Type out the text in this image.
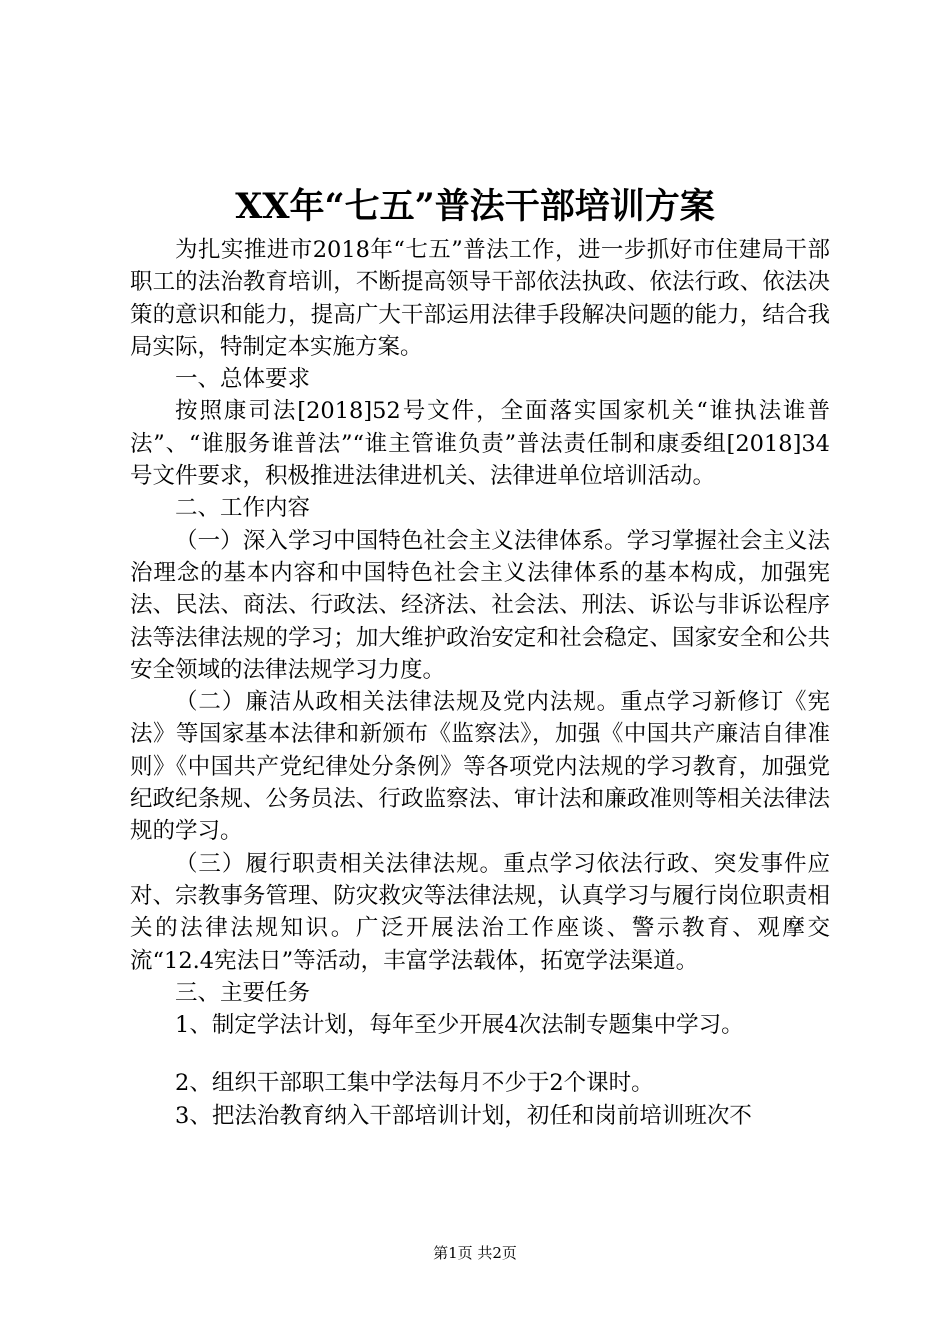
XX年“七五”普法干部培训方案

为扎实推进市2018年“七五”普法工作，进一步抓好市住建局干部职工的法治教育培训，不断提高领导干部依法执政、依法行政、依法决策的意识和能力，提高广大干部运用法律手段解决问题的能力，结合我局实际，特制定本实施方案。

一、总体要求

按照康司法[2018]52号文件，全面落实国家机关“谁执法谁普法”、“谁服务谁普法”“谁主管谁负责”普法责任制和康委组[2018]34号文件要求，积极推进法律进机关、法律进单位培训活动。

二、工作内容

（一）深入学习中国特色社会主义法律体系。学习掌握社会主义法治理念的基本内容和中国特色社会主义法律体系的基本构成，加强宪法、民法、商法、行政法、经济法、社会法、刑法、诉讼与非诉讼程序法等法律法规的学习；加大维护政治安定和社会稳定、国家安全和公共安全领域的法律法规学习力度。

（二）廉洁从政相关法律法规及党内法规。重点学习新修订《宪法》等国家基本法律和新颁布《监察法》，加强《中国共产廉洁自律准则》《中国共产党纪律处分条例》等各项党内法规的学习教育，加强党纪政纪条规、公务员法、行政监察法、审计法和廉政准则等相关法律法规的学习。

（三）履行职责相关法律法规。重点学习依法行政、突发事件应对、宗教事务管理、防灾救灾等法律法规，认真学习与履行岗位职责相关的法律法规知识。广泛开展法治工作座谈、警示教育、观摩交流“12.4宪法日”等活动，丰富学法载体，拓宽学法渠道。

三、主要任务

1、制定学法计划，每年至少开展4次法制专题集中学习。

2、组织干部职工集中学法每月不少于2个课时。

3、把法治教育纳入干部培训计划，初任和岗前培训班次不

第1页 共2页
